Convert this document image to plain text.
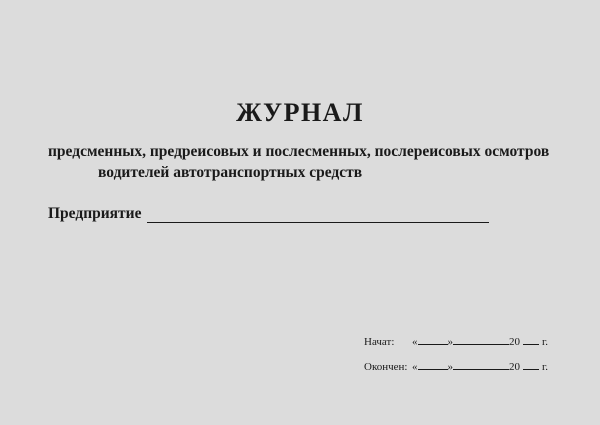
ЖУРНАЛ
предсменных, предреисовых и послесменных, послереисовых осмотров
водителей автотранспортных средств
Предприятие
Начат: «	»	20 г.
Окончен: «	»	20 г.
